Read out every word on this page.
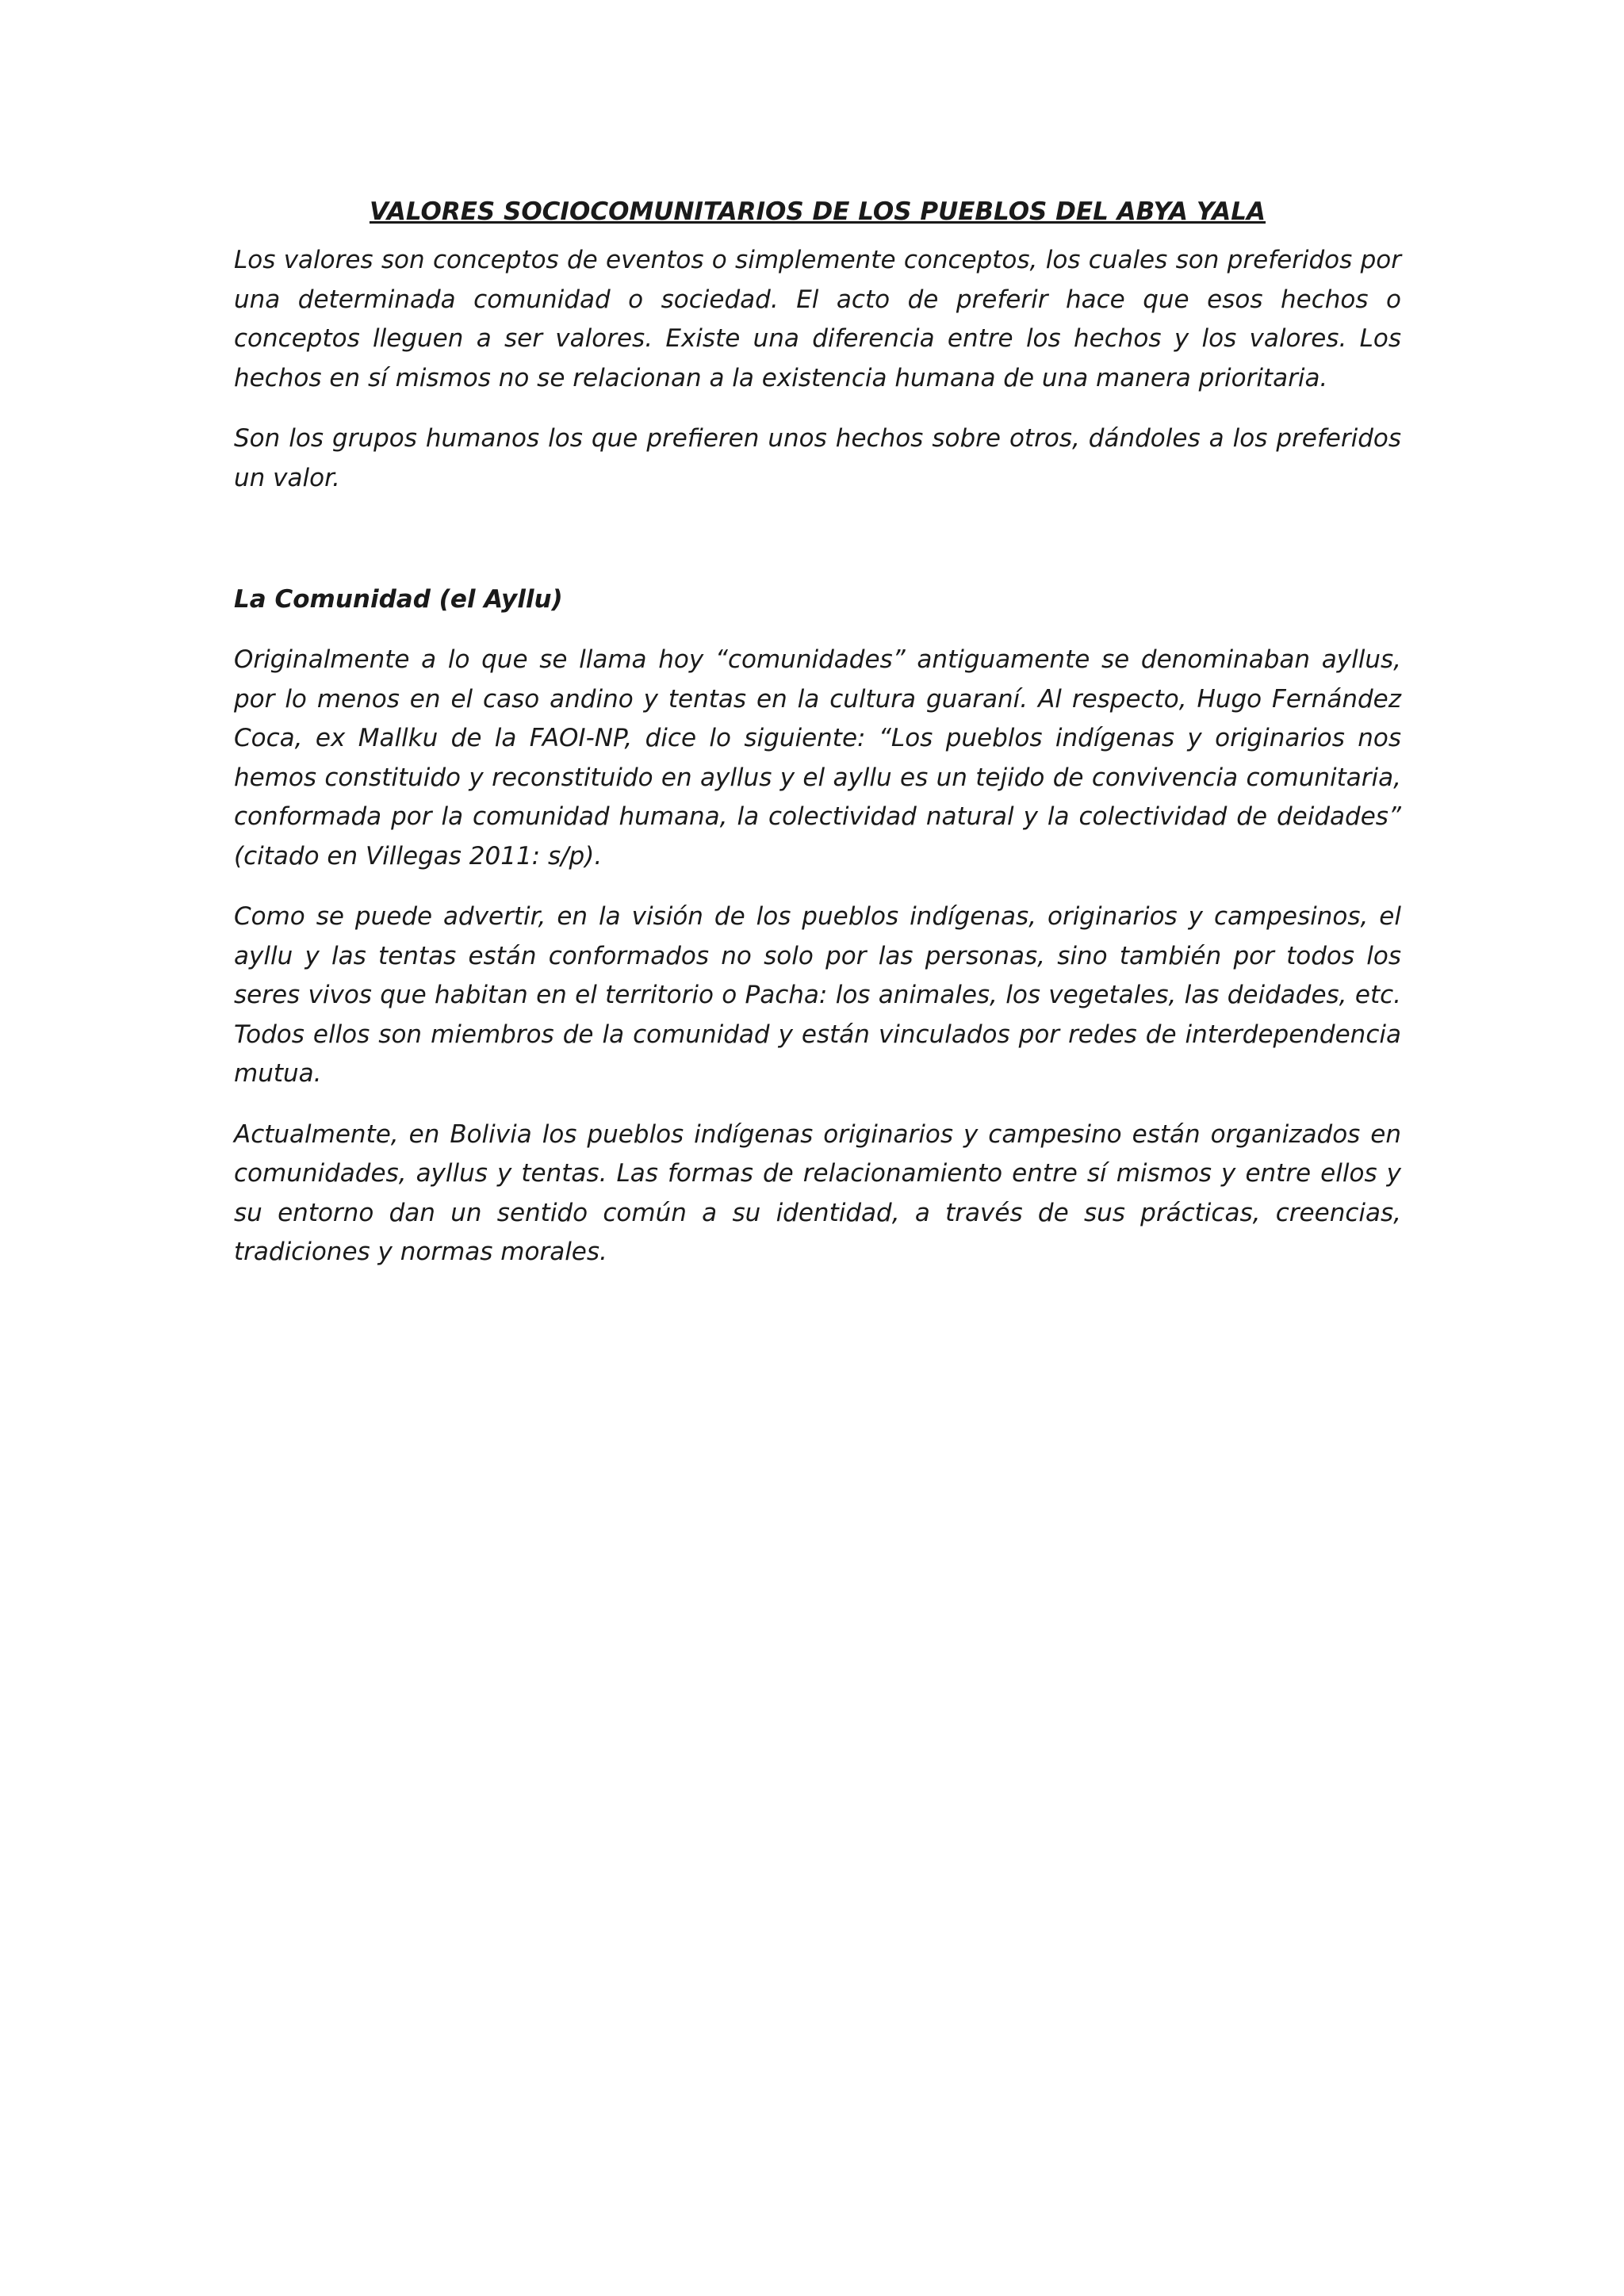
VALORES SOCIOCOMUNITARIOS DE LOS PUEBLOS DEL ABYA YALA

Los valores son conceptos de eventos o simplemente conceptos, los cuales son preferidos por una determinada comunidad o sociedad. El acto de preferir hace que esos hechos o conceptos lleguen a ser valores. Existe una diferencia entre los hechos y los valores. Los hechos en sí mismos no se relacionan a la existencia humana de una manera prioritaria.

Son los grupos humanos los que prefieren unos hechos sobre otros, dándoles a los preferidos un valor.

La Comunidad (el Ayllu)

Originalmente a lo que se llama hoy “comunidades” antiguamente se denominaban ayllus, por lo menos en el caso andino y tentas en la cultura guaraní. Al respecto, Hugo Fernández Coca, ex Mallku de la FAOI-NP, dice lo siguiente: “Los pueblos indígenas y originarios nos hemos constituido y reconstituido en ayllus y el ayllu es un tejido de convivencia comunitaria, conformada por la comunidad humana, la colectividad natural y la colectividad de deidades” (citado en Villegas 2011: s/p).

Como se puede advertir, en la visión de los pueblos indígenas, originarios y campesinos, el ayllu y las tentas están conformados no solo por las personas, sino también por todos los seres vivos que habitan en el territorio o Pacha: los animales, los vegetales, las deidades, etc. Todos ellos son miembros de la comunidad y están vinculados por redes de interdependencia mutua.

Actualmente, en Bolivia los pueblos indígenas originarios y campesino están organizados en comunidades, ayllus y tentas. Las formas de relacionamiento entre sí mismos y entre ellos y su entorno dan un sentido común a su identidad, a través de sus prácticas, creencias, tradiciones y normas morales.
